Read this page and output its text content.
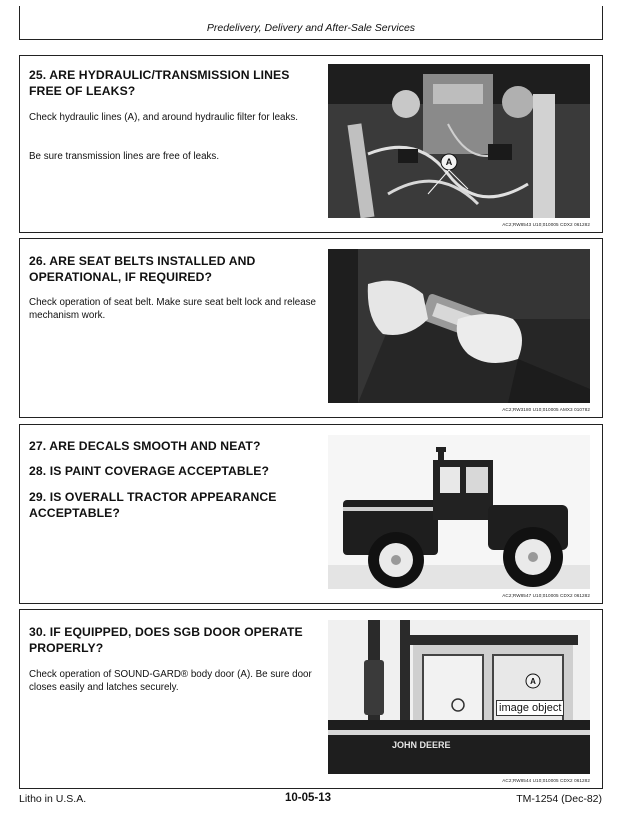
Predelivery, Delivery and After-Sale Services
25. ARE HYDRAULIC/TRANSMISSION LINES FREE OF LEAKS?

Check hydraulic lines (A), and around hydraulic filter for leaks.

Be sure transmission lines are free of leaks.	A
AC2;RW8543 U10;010005 CDX2 061282
26. ARE SEAT BELTS INSTALLED AND OPERATIONAL, IF REQUIRED?

Check operation of seat belt. Make sure seat belt lock and release mechanism work.

AC2;RW3180 U10;010005 AMX3 010782
27. ARE DECALS SMOOTH AND NEAT?
28. IS PAINT COVERAGE ACCEPTABLE?
29. IS OVERALL TRACTOR APPEARANCE ACCEPTABLE?
AC2;RW8547 U10;010005 CDX2 061282
30. IF EQUIPPED, DOES SGB DOOR OPERATE PROPERLY?

Check operation of SOUND-GARD® body door (A). Be sure door closes easily and latches securely.

JOHN DEERE
A
image object
AC2;RW8544 U10;010005 CDX2 061282
Litho in U.S.A.	10-05-13	TM-1254 (Dec-82)
